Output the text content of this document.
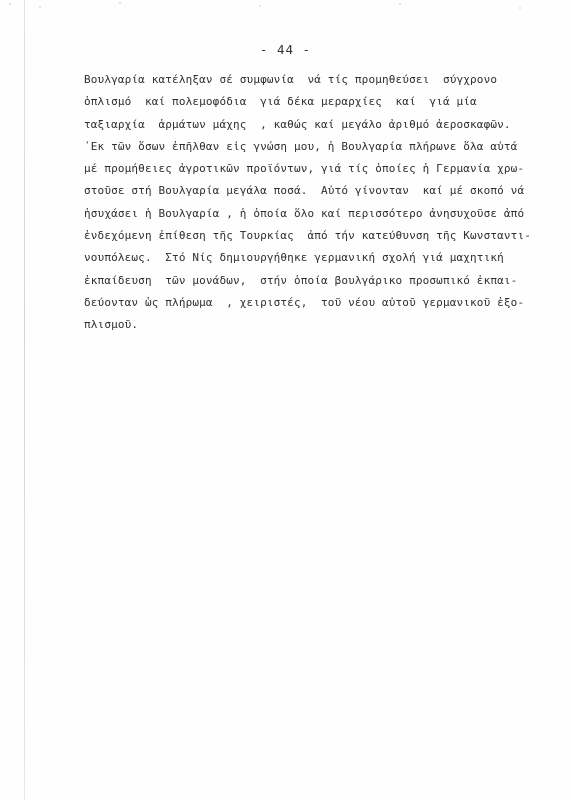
- 44 -
Βουλγαρία κατέληξαν σέ συμφωνία  νά τίς προμηθεύσει  σύγχρονο
ὁπλισμό  καί πολεμοφόδια  γιά δέκα μεραρχίες  καί  γιά μία
ταξιαρχία  ἁρμάτων μάχης  , καθώς καί μεγάλο ἀριθμό ἀεροσκαφῶν.
᾿Εκ τῶν ὅσων ἐπῆλθαν εἰς γνώση μου, ἡ Βουλγαρία πλήρωνε ὅλα αὐτά
μέ προμήθειες ἀγροτικῶν προϊόντων, γιά τίς ὁποίες ἡ Γερμανία χρω-
στοῦσε στή Βουλγαρία μεγάλα ποσά.  Αὐτό γίνονταν  καί μέ σκοπό νά
ἡσυχάσει ἡ Βουλγαρία , ἡ ὁποία ὅλο καί περισσότερο ἀνησυχοῦσε ἀπό
ἐνδεχόμενη ἐπίθεση τῆς Τουρκίας  ἀπό τήν κατεύθυνση τῆς Κωνσταντι-
νουπόλεως.  Στό Νίς δημιουργήθηκε γερμανική σχολή γιά μαχητική
ἐκπαίδευση  τῶν μονάδων,  στήν ὁποία βουλγάρικο προσωπικό ἐκπαι-
δεύονταν ὡς πλήρωμα  , χειριστές,  τοῦ νέου αὐτοῦ γερμανικοῦ ἐξο-
πλισμοῦ.
